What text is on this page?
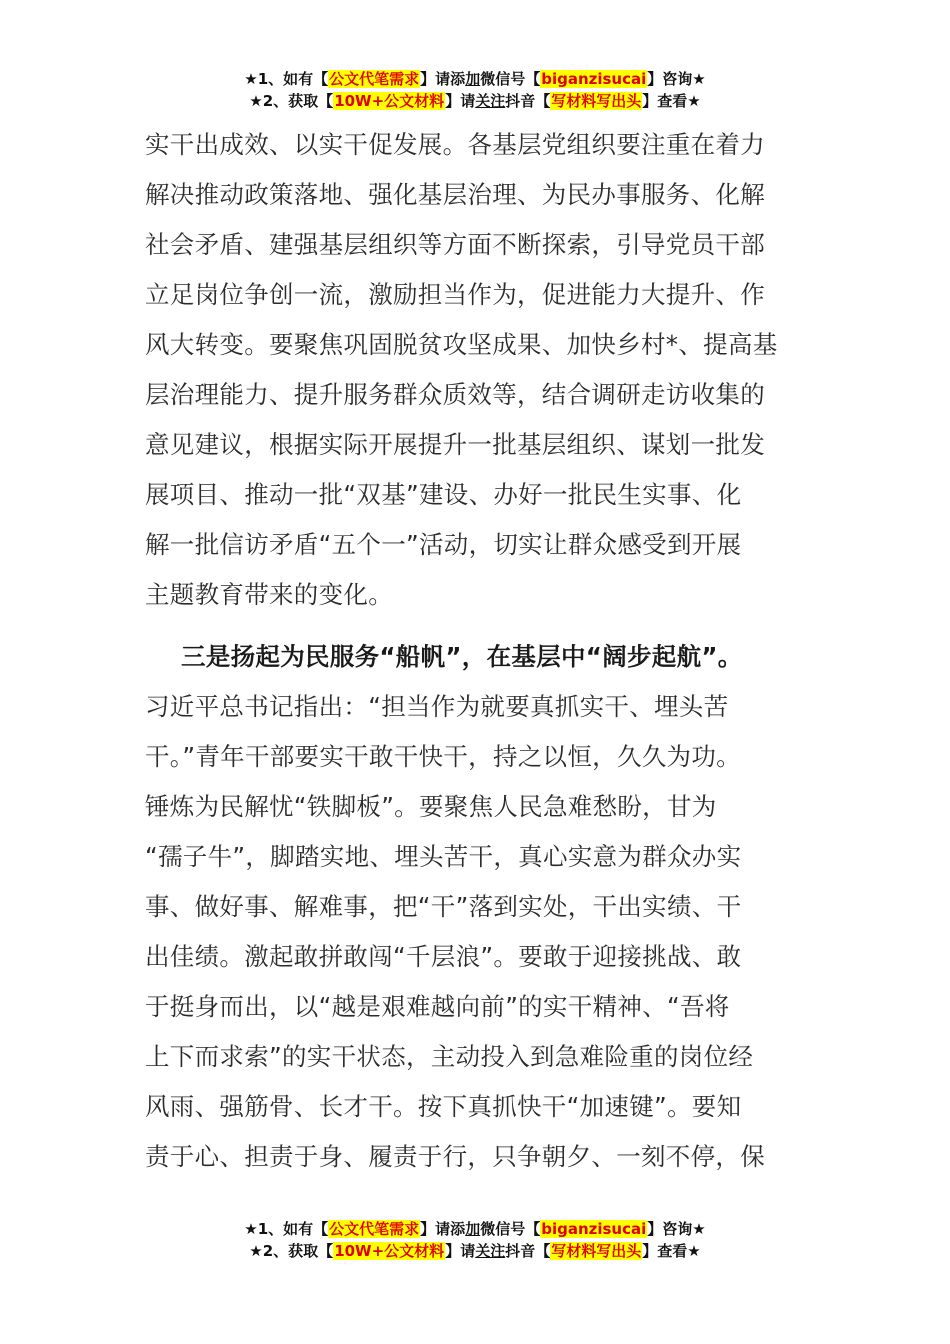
★1、如有【公文代笔需求】请添加微信号【biganzisucai】咨询★
★2、获取【10W+公文材料】请关注抖音【写材料写出头】查看★
实干出成效、以实干促发展。各基层党组织要注重在着力
解决推动政策落地、强化基层治理、为民办事服务、化解
社会矛盾、建强基层组织等方面不断探索，引导党员干部
立足岗位争创一流，激励担当作为，促进能力大提升、作
风大转变。要聚焦巩固脱贫攻坚成果、加快乡村*、提高基
层治理能力、提升服务群众质效等，结合调研走访收集的
意见建议，根据实际开展提升一批基层组织、谋划一批发
展项目、推动一批“双基”建设、办好一批民生实事、化
解一批信访矛盾“五个一”活动，切实让群众感受到开展
主题教育带来的变化。
三是扬起为民服务“船帆”，在基层中“阔步起航”。
习近平总书记指出：“担当作为就要真抓实干、埋头苦
干。”青年干部要实干敢干快干，持之以恒，久久为功。
锤炼为民解忧“铁脚板”。要聚焦人民急难愁盼，甘为
“孺子牛”，脚踏实地、埋头苦干，真心实意为群众办实
事、做好事、解难事，把“干”落到实处，干出实绩、干
出佳绩。激起敢拼敢闯“千层浪”。要敢于迎接挑战、敢
于挺身而出，以“越是艰难越向前”的实干精神、“吾将
上下而求索”的实干状态，主动投入到急难险重的岗位经
风雨、强筋骨、长才干。按下真抓快干“加速键”。要知
责于心、担责于身、履责于行，只争朝夕、一刻不停，保
★1、如有【公文代笔需求】请添加微信号【biganzisucai】咨询★
★2、获取【10W+公文材料】请关注抖音【写材料写出头】查看★
